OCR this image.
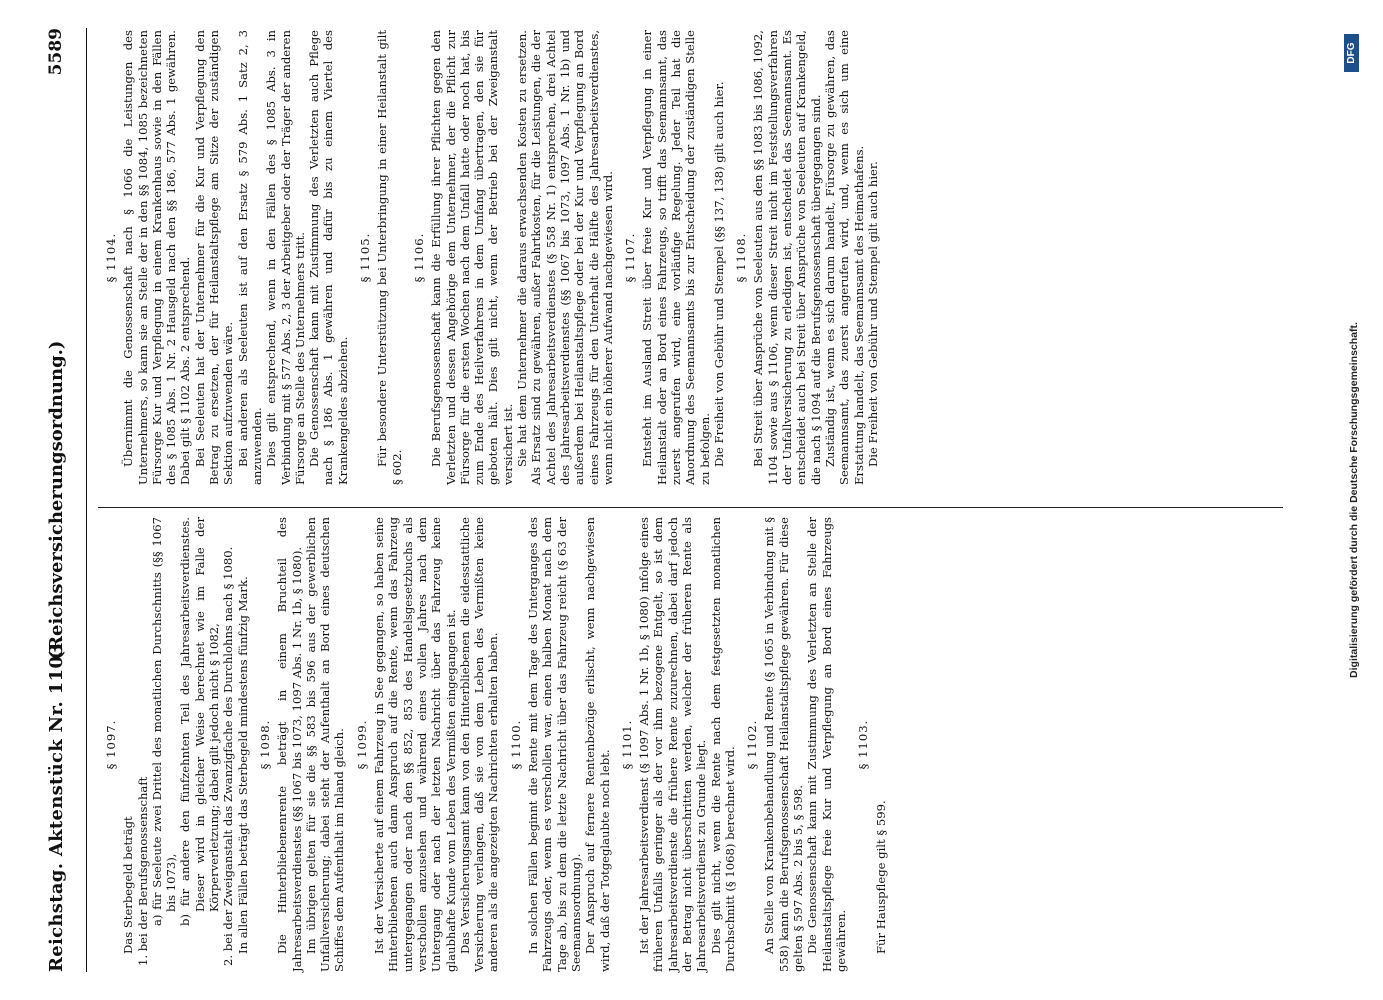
Reichstag. Aktenstück Nr. 1103.
(Reichsversicherungsordnung.)
5589
§ 1097.
Das Sterbegeld beträgt 1. bei der Berufsgenossenschaft a) für Seeleute zwei Drittel des monatlichen Durchschnitts (§§ 1067 bis 1073), b) für andere den fünfzehnten Teil des Jahresarbeitsverdienstes. Dieser wird in gleicher Weise berechnet wie im Falle der Körperverletzung; dabei gilt jedoch nicht § 1082, 2. bei der Zweiganstalt das Zwanzigfache des Durchlohns nach § 1080. In allen Fällen beträgt das Sterbegeld mindestens fünfzig Mark. § 1098. Die Hinterbliebenenrente beträgt in einem Bruchteil des Jahresarbeitsverdienstes (§§ 1067 bis 1073, 1097 Abs. 1 Nr. 1b, § 1080). Im übrigen gelten für sie die §§ 583 bis 596 aus der gewerblichen Unfallversicherung; dabei steht der Aufenthalt an Bord eines deutschen Schiffes dem Aufenthalt im Inland gleich. § 1099. Ist der Versicherte auf einem Fahrzeug in See gegangen, so haben seine Hinterbliebenen auch dann Anspruch auf die Rente, wenn das Fahrzeug untergegangen oder nach den §§ 852, 853 des Handelsgesetzbuchs als verschollen anzusehen und während eines vollen Jahres nach dem Untergang oder nach der letzten Nachricht über das Fahrzeug keine glaubhafte Kunde vom Leben des Vermißten eingegangen ist. Das Versicherungsamt kann von den Hinterbliebenen die eidesstattliche Versicherung verlangen, daß sie von dem Leben des Vermißten keine anderen als die angezeigten Nachrichten erhalten haben. § 1100. In solchen Fällen beginnt die Rente mit dem Tage des Unterganges des Fahrzeugs oder, wenn es verschollen war, einen halben Monat nach dem Tage ab, bis zu dem die letzte Nachricht über das Fahrzeug reicht (§ 63 der Seemannsordnung). Der Anspruch auf fernere Rentenbezüge erlischt, wenn nachgewiesen wird, daß der Totgeglaubte noch lebt.
§ 1101. Ist der Jahresarbeitsverdienst (§ 1097 Abs. 1 Nr. 1b, § 1080) infolge eines früheren Unfalls geringer als der vor ihm bezogene Entgelt, so ist dem Jahresarbeitsverdienste die frühere Rente zuzurechnen, dabei darf jedoch der Betrag nicht überschritten werden, welcher der früheren Rente als Jahresarbeitsverdienst zu Grunde liegt. Dies gilt nicht, wenn die Rente nach dem festgesetzten monatlichen Durchschnitt (§ 1068) berechnet wird.
§ 1102. An Stelle von Krankenbehandlung und Rente (§ 1065 in Verbindung mit § 558) kann die Berufsgenossenschaft Heilanstaltspflege gewähren. Für diese gelten § 597 Abs. 2 bis 5, § 598. Die Genossenschaft kann mit Zustimmung des Verletzten an Stelle der Heilanstaltspflege freie Kur und Verpflegung an Bord eines Fahrzeugs gewähren.
§ 1103.
Für Hauspflege gilt § 599.
§ 1104. Übernimmt die Genossenschaft nach § 1066 die Leistungen des Unternehmers, so kann sie an Stelle der in den §§ 1084, 1085 bezeichneten Fürsorge Kur und Verpflegung in einem Krankenhaus sowie in den Fällen des § 1085 Abs. 1 Nr. 2 Hausgeld nach den §§ 186, 577 Abs. 1 gewähren. Dabei gilt § 1102 Abs. 2 entsprechend. Bei Seeleuten hat der Unternehmer für die Kur und Verpflegung den Betrag zu ersetzen, der für Heilanstaltspflege am Sitze der zuständigen Sektion aufzuwenden wäre. Bei anderen als Seeleuten ist auf den Ersatz § 579 Abs. 1 Satz 2, 3 anzuwenden. Dies gilt entsprechend, wenn in den Fällen des § 1085 Abs. 3 in Verbindung mit § 577 Abs. 2, 3 der Arbeitgeber oder der Träger der anderen Fürsorge an Stelle des Unternehmers tritt. Die Genossenschaft kann mit Zustimmung des Verletzten auch Pflege nach § 186 Abs. 1 gewähren und dafür bis zu einem Viertel des Krankengeldes abziehen.
§ 1105. Für besondere Unterstützung bei Unterbringung in einer Heilanstalt gilt § 602.
§ 1106. Die Berufsgenossenschaft kann die Erfüllung ihrer Pflichten gegen den Verletzten und dessen Angehörige dem Unternehmer, der die Pflicht zur Fürsorge für die ersten Wochen nach dem Unfall hatte oder noch hat, bis zum Ende des Heilverfahrens in dem Umfang übertragen, den sie für geboten hält. Dies gilt nicht, wenn der Betrieb bei der Zweiganstalt versichert ist. Sie hat dem Unternehmer die daraus erwachsenden Kosten zu ersetzen. Als Ersatz sind zu gewähren, außer Fahrtkosten, für die Leistungen, die der Achtel des Jahresarbeitsverdienstes (§ 558 Nr. 1) entsprechen, drei Achtel des Jahresarbeitsverdienstes (§§ 1067 bis 1073, 1097 Abs. 1 Nr. 1b) und außerdem bei Heilanstaltspflege oder bei der Kur und Verpflegung an Bord eines Fahrzeugs für den Unterhalt die Hälfte des Jahresarbeitsverdienstes, wenn nicht ein höherer Aufwand nachgewiesen wird. § 1107. Entsteht im Ausland Streit über freie Kur und Verpflegung in einer Heilanstalt oder an Bord eines Fahrzeugs, so trifft das Seemannsamt, das zuerst angerufen wird, eine vorläufige Regelung. Jeder Teil hat die Anordnung des Seemannsamts bis zur Entscheidung der zuständigen Stelle zu befolgen. Die Freiheit von Gebühr und Stempel (§§ 137, 138) gilt auch hier. § 1108. Bei Streit über Ansprüche von Seeleuten aus den §§ 1083 bis 1086, 1092, 1104 sowie aus § 1106, wenn dieser Streit nicht im Feststellungsverfahren der Unfallversicherung zu erledigen ist, entscheidet das Seemannsamt. Es entscheidet auch bei Streit über Ansprüche von Seeleuten auf Krankengeld, die nach § 1094 auf die Berufsgenossenschaft übergegangen sind. Zuständig ist, wenn es sich darum handelt, Fürsorge zu gewähren, das Seemannsamt, das zuerst angerufen wird, und, wenn es sich um eine Erstattung handelt, das Seemannsamt des Heimathafens. Die Freiheit von Gebühr und Stempel gilt auch hier.
Digitalisierung gefördert durch die Deutsche Forschungsgemeinschaft.
DFG
